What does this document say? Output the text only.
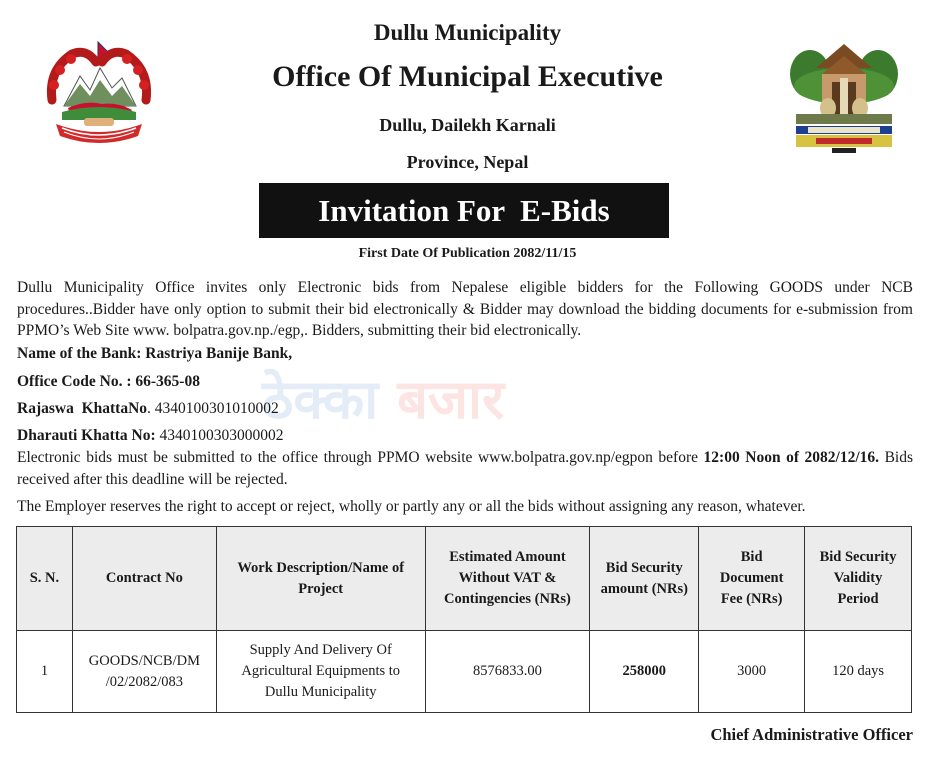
Dullu Municipality
Office Of Municipal Executive
Dullu, Dailekh Karnali
Province, Nepal
Invitation For  E-Bids
First Date Of Publication 2082/11/15
ठेक्का बजार
Dullu Municipality Office invites only Electronic bids from Nepalese eligible bidders for the Following GOODS under NCB procedures..Bidder have only option to submit their bid electronically & Bidder may download the bidding documents for e-submission from PPMO’s Web Site www. bolpatra.gov.np./egp,. Bidders, submitting their bid electronically.
Name of the Bank: Rastriya Banije Bank,
Office Code No. : 66-365-08
Rajaswa  KhattaNo. 4340100301010002
Dharauti Khatta No: 4340100303000002
Electronic bids must be submitted to the office through PPMO website www.bolpatra.gov.np/egpon before 12:00 Noon of 2082/12/16. Bids received after this deadline will be rejected.
The Employer reserves the right to accept or reject, wholly or partly any or all the bids without assigning any reason, whatever.
S. N.	Contract No	Work Description/Name of Project	Estimated Amount Without VAT & Contingencies (NRs)	Bid Security amount (NRs)	Bid Document Fee (NRs)	Bid Security Validity Period
1	GOODS/NCB/DM /02/2082/083	Supply And Delivery Of Agricultural Equipments to Dullu Municipality	8576833.00	258000	3000	120 days
Chief Administrative Officer
